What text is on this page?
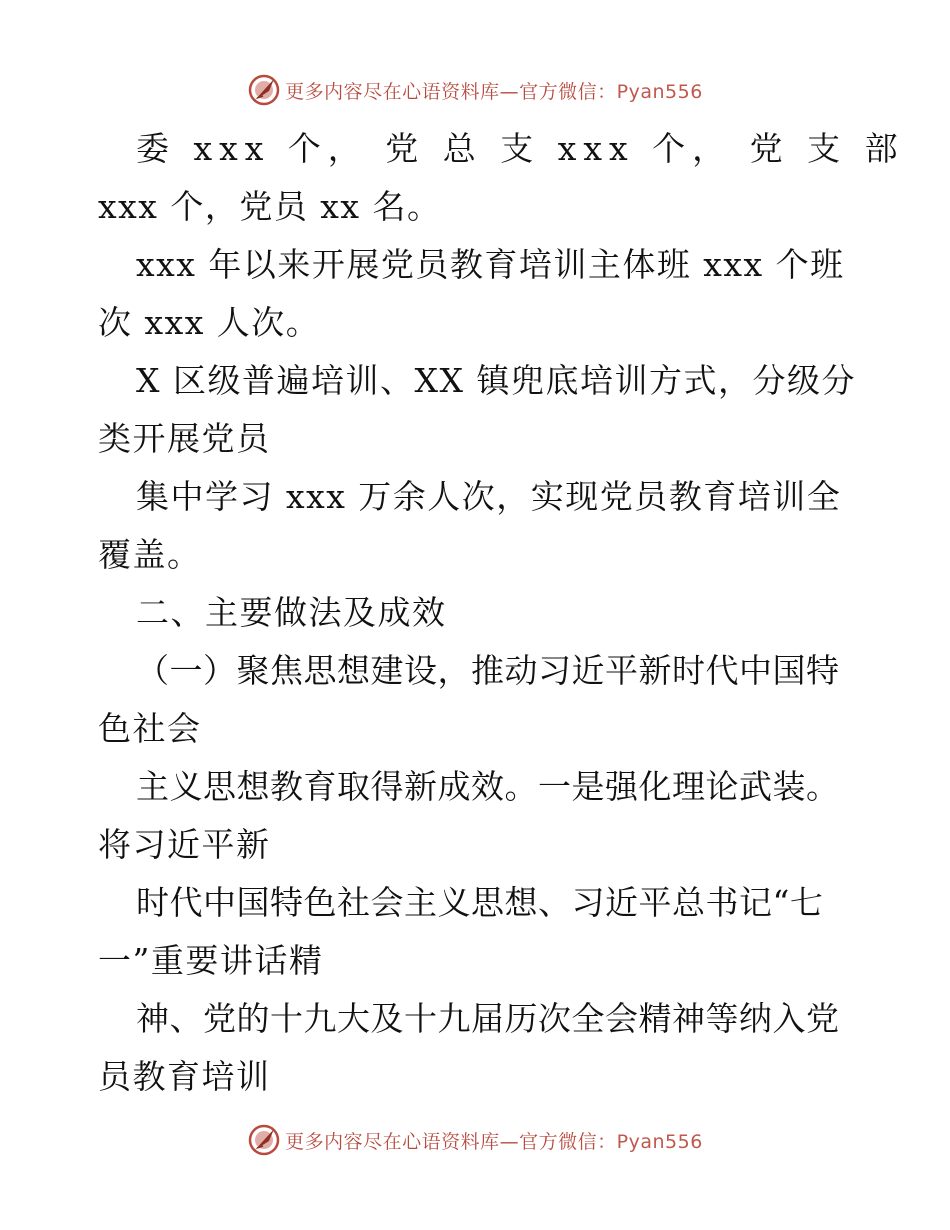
更多内容尽在心语资料库—官方微信：Pyan556
委 xxx 个， 党 总 支 xxx 个， 党 支 部
xxx 个，党员 xx 名。
xxx 年以来开展党员教育培训主体班 xxx 个班
次 xxx 人次。
X 区级普遍培训、XX 镇兜底培训方式，分级分
类开展党员
集中学习 xxx 万余人次，实现党员教育培训全
覆盖。
二、主要做法及成效
（一）聚焦思想建设，推动习近平新时代中国特
色社会
主义思想教育取得新成效。一是强化理论武装。
将习近平新
时代中国特色社会主义思想、习近平总书记“七
一”重要讲话精
神、党的十九大及十九届历次全会精神等纳入党
员教育培训
更多内容尽在心语资料库—官方微信：Pyan556
